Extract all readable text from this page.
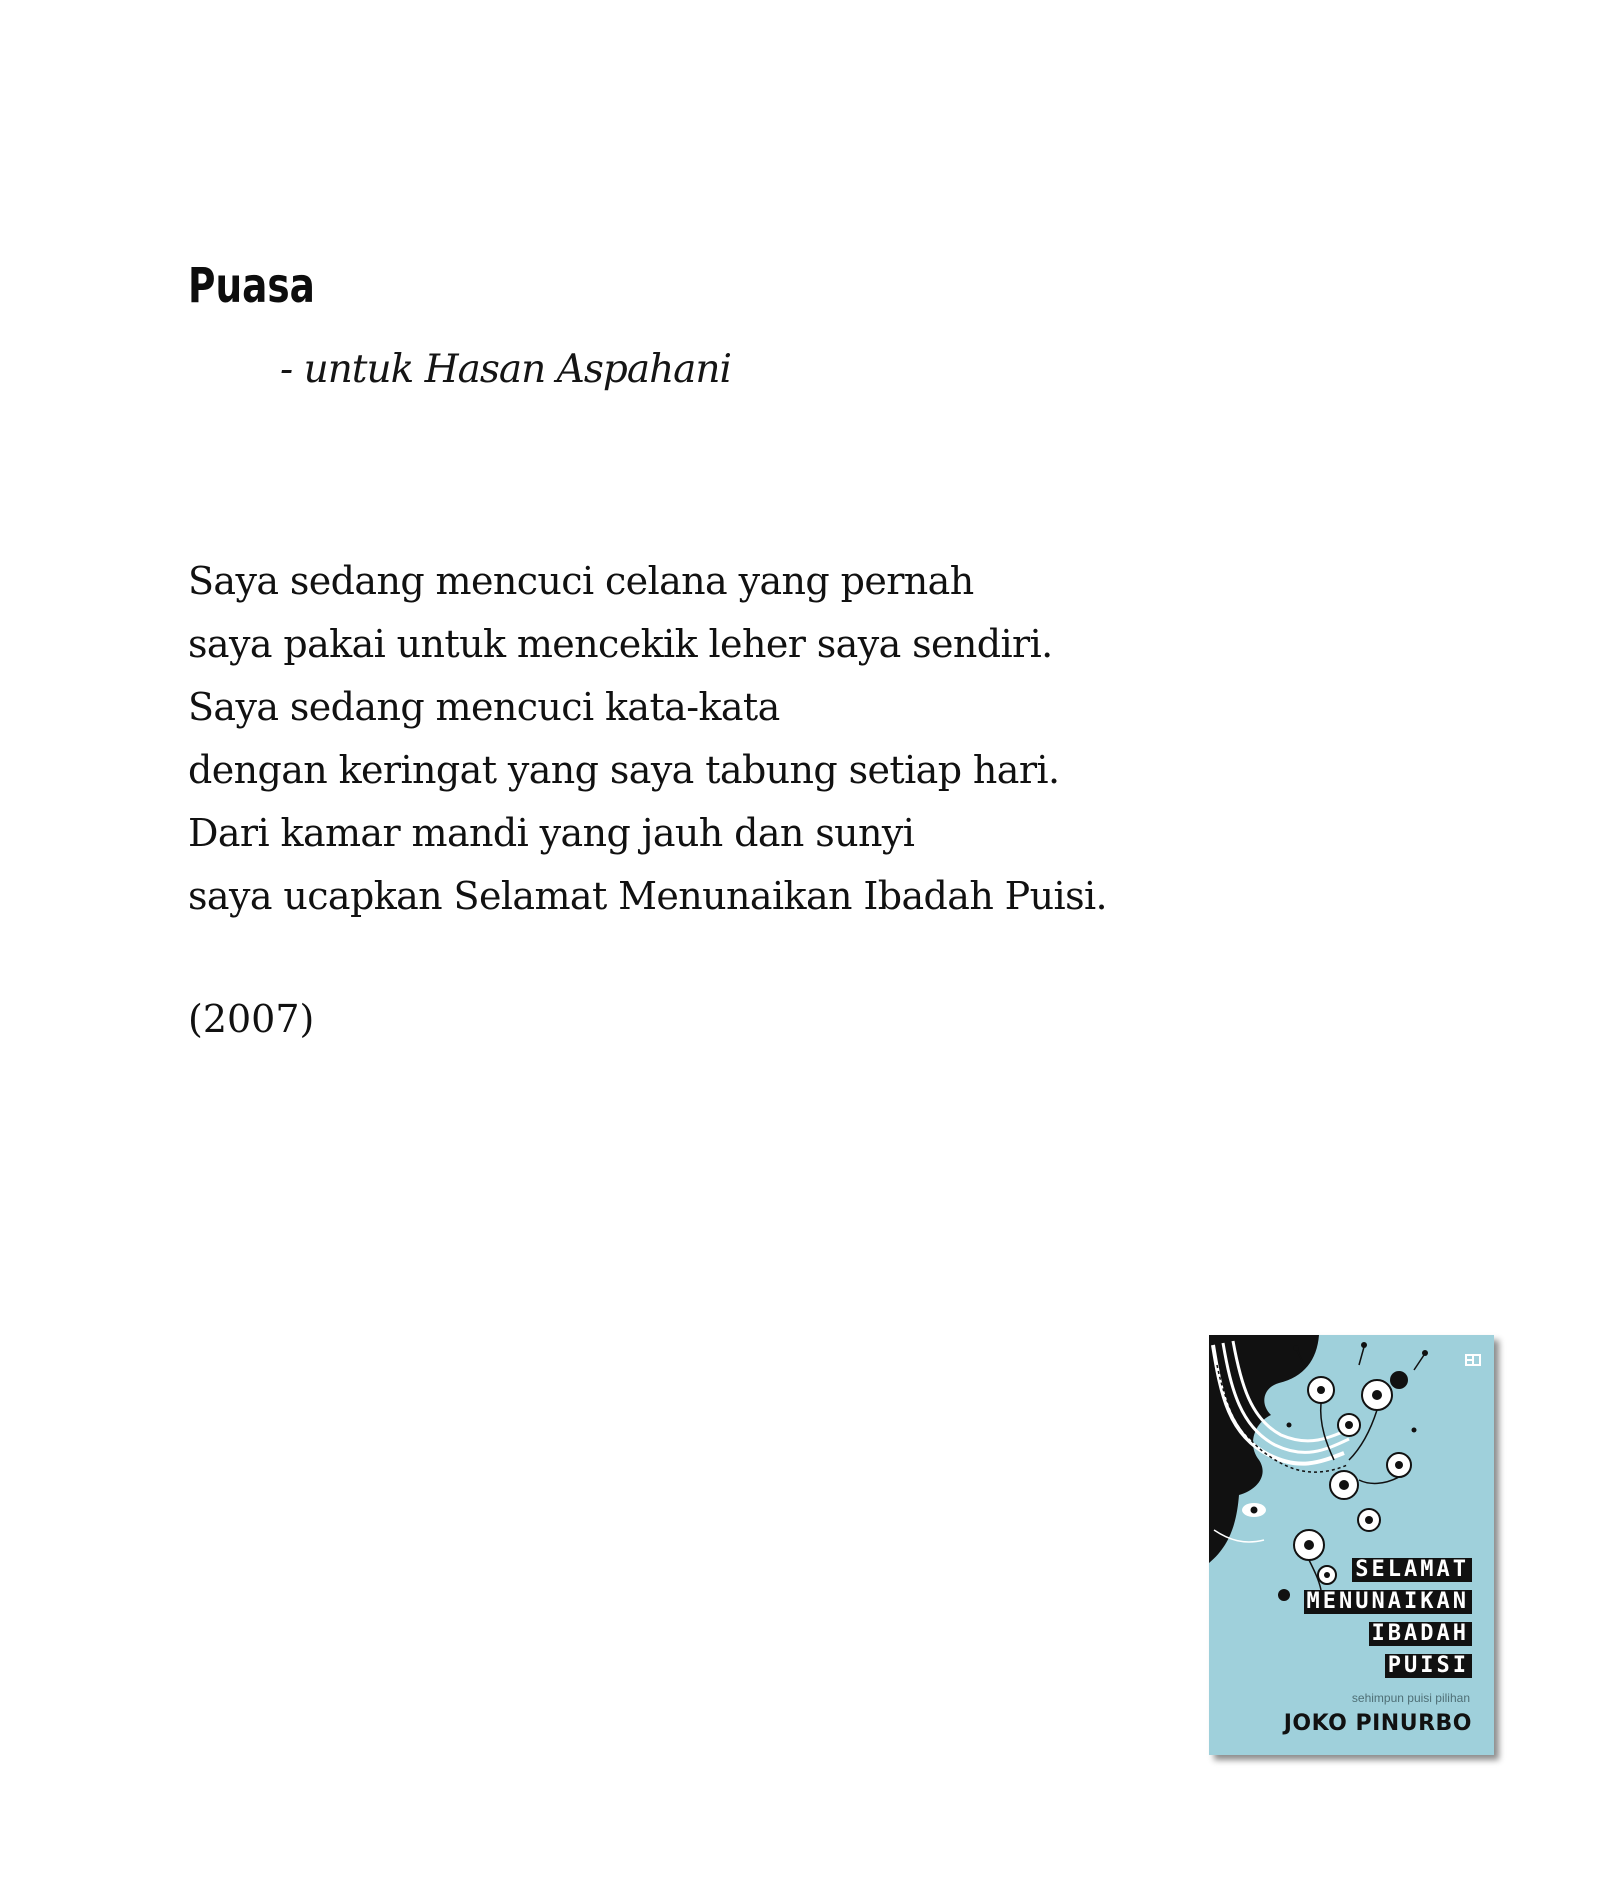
Puasa

- untuk Hasan Aspahani

Saya sedang mencuci celana yang pernah
saya pakai untuk mencekik leher saya sendiri.
Saya sedang mencuci kata-kata
dengan keringat yang saya tabung setiap hari.
Dari kamar mandi yang jauh dan sunyi
saya ucapkan Selamat Menunaikan Ibadah Puisi.

(2007)

SELAMAT
MENUNAIKAN
IBADAH
PUISI
sehimpun puisi pilihan
JOKO PINURBO
